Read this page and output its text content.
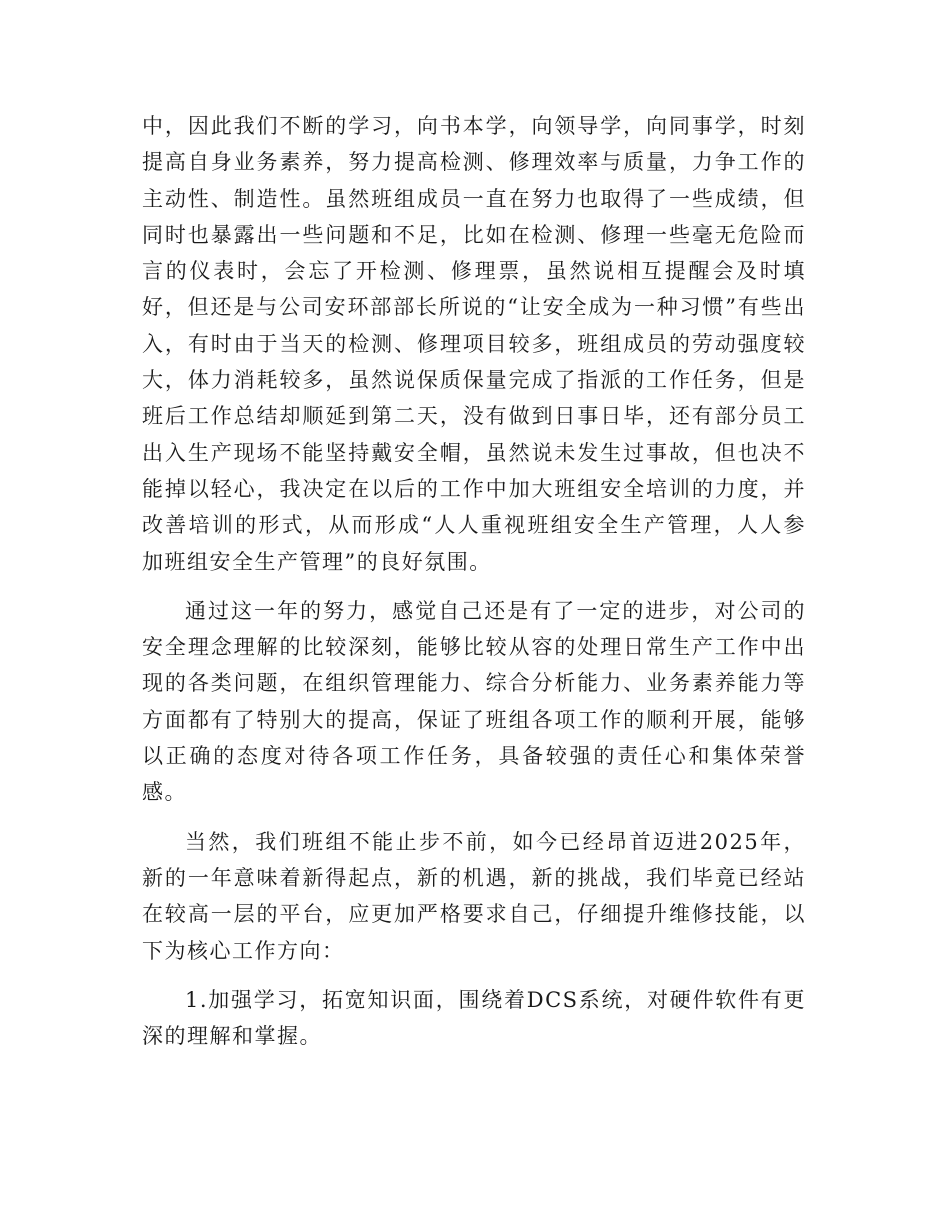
中，因此我们不断的学习，向书本学，向领导学，向同事学，时刻提高自身业务素养，努力提高检测、修理效率与质量，力争工作的主动性、制造性。虽然班组成员一直在努力也取得了一些成绩，但同时也暴露出一些问题和不足，比如在检测、修理一些毫无危险而言的仪表时，会忘了开检测、修理票，虽然说相互提醒会及时填好，但还是与公司安环部部长所说的“让安全成为一种习惯”有些出入，有时由于当天的检测、修理项目较多，班组成员的劳动强度较大，体力消耗较多，虽然说保质保量完成了指派的工作任务，但是班后工作总结却顺延到第二天，没有做到日事日毕，还有部分员工出入生产现场不能坚持戴安全帽，虽然说未发生过事故，但也决不能掉以轻心，我决定在以后的工作中加大班组安全培训的力度，并改善培训的形式，从而形成“人人重视班组安全生产管理，人人参加班组安全生产管理”的良好氛围。

通过这一年的努力，感觉自己还是有了一定的进步，对公司的安全理念理解的比较深刻，能够比较从容的处理日常生产工作中出现的各类问题，在组织管理能力、综合分析能力、业务素养能力等方面都有了特别大的提高，保证了班组各项工作的顺利开展，能够以正确的态度对待各项工作任务，具备较强的责任心和集体荣誉感。

当然，我们班组不能止步不前，如今已经昂首迈进2025年，新的一年意味着新得起点，新的机遇，新的挑战，我们毕竟已经站在较高一层的平台，应更加严格要求自己，仔细提升维修技能，以下为核心工作方向：

1.加强学习，拓宽知识面，围绕着DCS系统，对硬件软件有更深的理解和掌握。
